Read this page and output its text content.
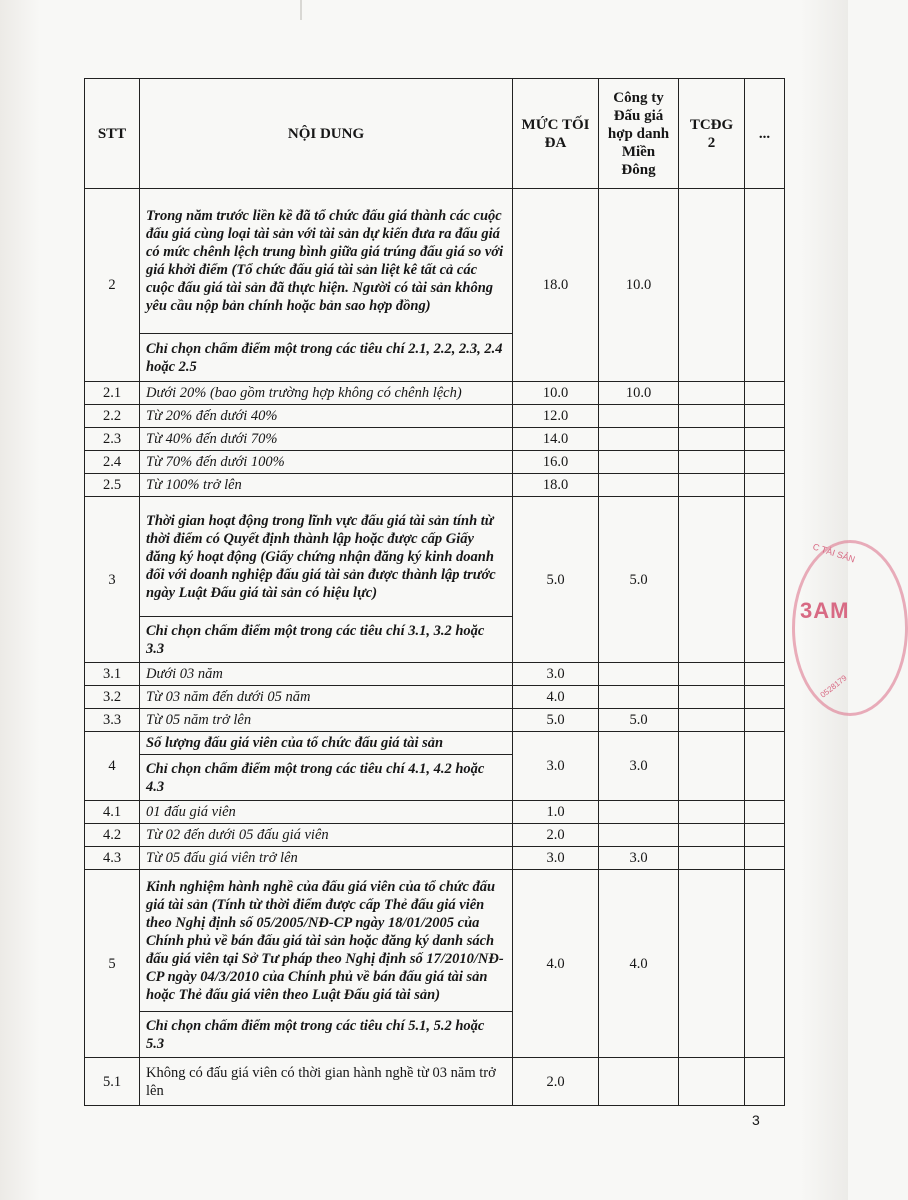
STT	NỘI DUNG	MỨC TỐI ĐA	Công ty Đấu giá hợp danh Miền Đông	TCĐG 2	...
2	Trong năm trước liền kề đã tổ chức đấu giá thành các cuộc đấu giá cùng loại tài sản với tài sản dự kiến đưa ra đấu giá có mức chênh lệch trung bình giữa giá trúng đấu giá so với giá khởi điểm (Tổ chức đấu giá tài sản liệt kê tất cả các cuộc đấu giá tài sản đã thực hiện. Người có tài sản không yêu cầu nộp bản chính hoặc bản sao hợp đồng)	18.0	10.0		
	Chỉ chọn chấm điểm một trong các tiêu chí 2.1, 2.2, 2.3, 2.4 hoặc 2.5				
2.1	Dưới 20% (bao gồm trường hợp không có chênh lệch)	10.0	10.0		
2.2	Từ 20% đến dưới 40%	12.0			
2.3	Từ 40% đến dưới 70%	14.0			
2.4	Từ 70% đến dưới 100%	16.0			
2.5	Từ 100% trở lên	18.0			
3	Thời gian hoạt động trong lĩnh vực đấu giá tài sản tính từ thời điểm có Quyết định thành lập hoặc được cấp Giấy đăng ký hoạt động (Giấy chứng nhận đăng ký kinh doanh đối với doanh nghiệp đấu giá tài sản được thành lập trước ngày Luật Đấu giá tài sản có hiệu lực)	5.0	5.0		
	Chỉ chọn chấm điểm một trong các tiêu chí 3.1, 3.2 hoặc 3.3				
3.1	Dưới 03 năm	3.0			
3.2	Từ 03 năm đến dưới 05 năm	4.0			
3.3	Từ 05 năm trở lên	5.0	5.0		
4	Số lượng đấu giá viên của tổ chức đấu giá tài sản	3.0	3.0		
	Chỉ chọn chấm điểm một trong các tiêu chí 4.1, 4.2 hoặc 4.3				
4.1	01 đấu giá viên	1.0			
4.2	Từ 02 đến dưới 05 đấu giá viên	2.0			
4.3	Từ 05 đấu giá viên trở lên	3.0	3.0		
5	Kinh nghiệm hành nghề của đấu giá viên của tổ chức đấu giá tài sản (Tính từ thời điểm được cấp Thẻ đấu giá viên theo Nghị định số 05/2005/NĐ-CP ngày 18/01/2005 của Chính phủ về bán đấu giá tài sản hoặc đăng ký danh sách đấu giá viên tại Sở Tư pháp theo Nghị định số 17/2010/NĐ-CP ngày 04/3/2010 của Chính phủ về bán đấu giá tài sản hoặc Thẻ đấu giá viên theo Luật Đấu giá tài sản)	4.0	4.0		
	Chỉ chọn chấm điểm một trong các tiêu chí 5.1, 5.2 hoặc 5.3				
5.1	Không có đấu giá viên có thời gian hành nghề từ 03 năm trở lên	2.0			
C TÀI SẢN
3AM
0528179
3
